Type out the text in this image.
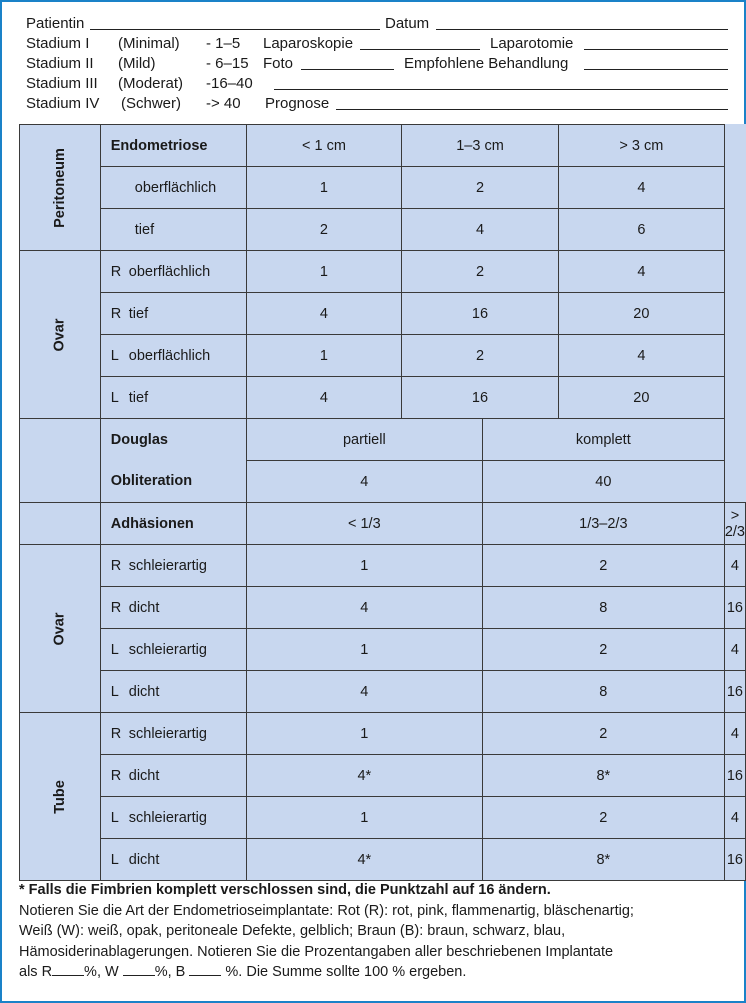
Patientin	Datum
Stadium I (Minimal) - 1–5 Laparoskopie	Laparotomie
Stadium II (Mild)	- 6–15 Foto	Empfohlene Behandlung
Stadium III (Moderat) -16–40
Stadium IV (Schwer) -> 40 Prognose
Peritoneum	Endometriose	< 1 cm	1–3 cm		> 3 cm	
	oberflächlich	1	2		4	
	tief	2	4		6	
Ovar	R oberflächlich	1	2		4	
	R tief	4	16		20	
	L oberflächlich	1	2		4	
	L tief	4	16		20	
	Douglas	partiell		komplett		
	Obliteration	4		40		
	Adhäsionen	< 1/3		1/3–2/3		> 2/3
Ovar	R schleierartig	1		2		4
	R dicht	4		8		16
	L schleierartig	1		2		4
	L dicht	4		8		16
Tube	R schleierartig	1		2		4
	R dicht	4*		8*		16
	L schleierartig	1		2		4
	L dicht	4*		8*		16
* Falls die Fimbrien komplett verschlossen sind, die Punktzahl auf 16 ändern.
Notieren Sie die Art der Endometrioseimplantate: Rot (R): rot, pink, flammenartig, bläschenartig;
Weiß (W): weiß, opak, peritoneale Defekte, gelblich; Braun (B): braun, schwarz, blau,
Hämosiderinablagerungen. Notieren Sie die Prozentangaben aller beschriebenen Implantate
als R %, W %, B	%. Die Summe sollte 100 % ergeben.
